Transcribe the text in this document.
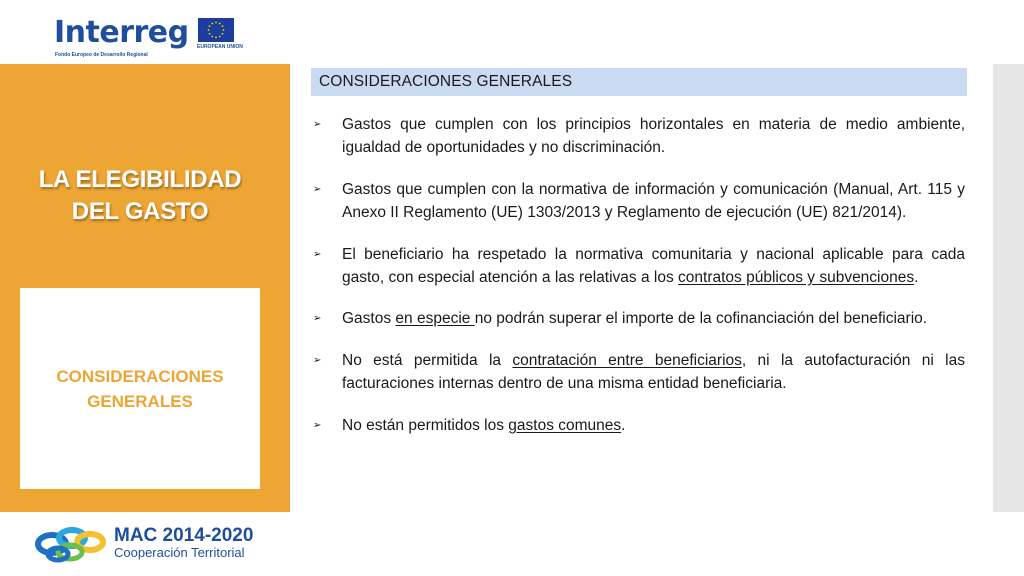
Interreg
Fondo Europeo de Desarrollo Regional
EUROPEAN UNION
LA ELEGIBILIDAD
DEL GASTO
CONSIDERACIONES
GENERALES
CONSIDERACIONES GENERALES
➢ Gastos que cumplen con los principios horizontales en materia de medio ambiente, igualdad de oportunidades y no discriminación.
➢ Gastos que cumplen con la normativa de información y comunicación (Manual, Art. 115 y Anexo II Reglamento (UE) 1303/2013 y Reglamento de ejecución (UE) 821/2014).
➢ El beneficiario ha respetado la normativa comunitaria y nacional aplicable para cada gasto, con especial atención a las relativas a los contratos públicos y subvenciones.
➢ Gastos en especie no podrán superar el importe de la cofinanciación del beneficiario.
➢ No está permitida la contratación entre beneficiarios, ni la autofacturación ni las facturaciones internas dentro de una misma entidad beneficiaria.
➢ No están permitidos los gastos comunes.
MAC 2014-2020
Cooperación Territorial
